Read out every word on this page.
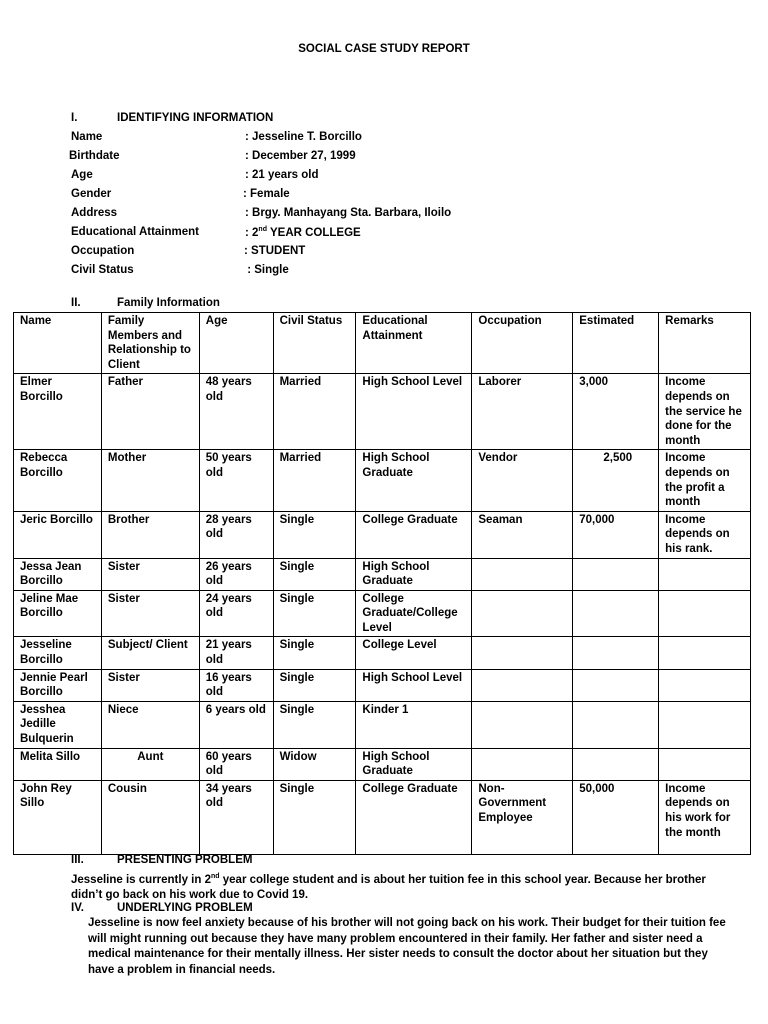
SOCIAL CASE STUDY REPORT
I.	IDENTIFYING INFORMATION
Name	: Jesseline T. Borcillo
Birthdate	: December 27, 1999
Age	: 21 years old
Gender	: Female
Address	: Brgy. Manhayang Sta. Barbara, Iloilo
Educational Attainment	: 2nd YEAR COLLEGE
Occupation	: STUDENT
Civil Status	: Single
II.	Family Information
Name	Family Members and Relationship to Client	Age	Civil Status	Educational Attainment	Occupation	Estimated	Remarks
Elmer Borcillo	Father	48 years old	Married	High School Level	Laborer	3,000	Income depends on the service he done for the month
Rebecca Borcillo	Mother	50 years old	Married	High School Graduate	Vendor	2,500	Income depends on the profit a month
Jeric Borcillo	Brother	28 years old	Single	College Graduate	Seaman	70,000	Income depends on his rank.
Jessa Jean Borcillo	Sister	26 years old	Single	High School Graduate			
Jeline Mae Borcillo	Sister	24 years old	Single	College Graduate/College Level			
Jesseline Borcillo	Subject/ Client	21 years old	Single	College Level			
Jennie Pearl Borcillo	Sister	16 years old	Single	High School Level			
Jesshea Jedille Bulquerin	Niece	6 years old	Single	Kinder 1			
Melita Sillo	Aunt	60 years old	Widow	High School Graduate			
John Rey Sillo	Cousin	34 years old	Single	College Graduate	Non-Government Employee	50,000	Income depends on his work for the month
III.	PRESENTING PROBLEM
Jesseline is currently in 2nd year college student and is about her tuition fee in this school year. Because her brother didn’t go back on his work due to Covid 19.
IV.	UNDERLYING PROBLEM
Jesseline is now feel anxiety because of his brother will not going back on his work. Their budget for their tuition fee will might running out because they have many problem encountered in their family. Her father and sister need a medical maintenance for their mentally illness. Her sister needs to consult the doctor about her situation but they have a problem in financial needs.
